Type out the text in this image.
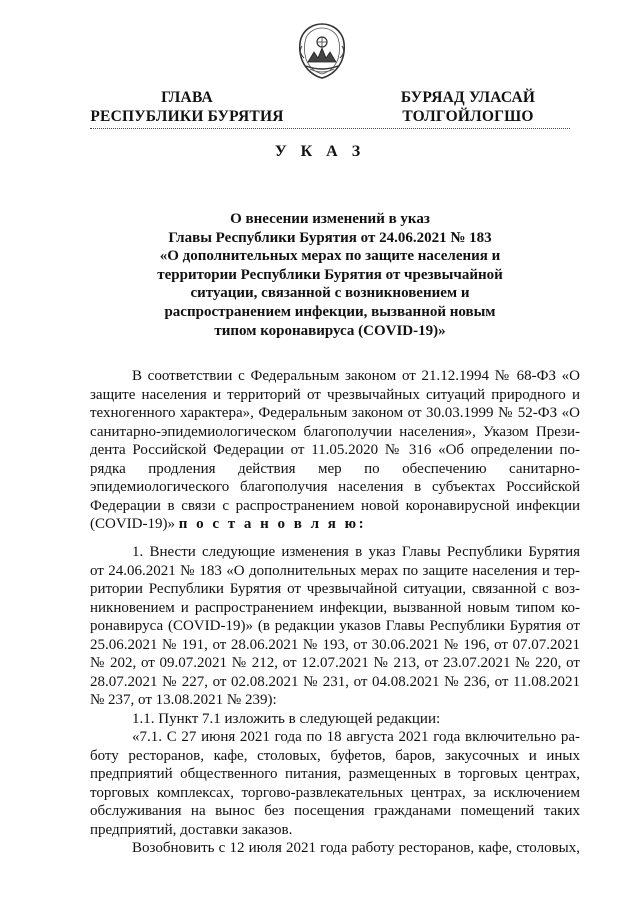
ГЛАВА
РЕСПУБЛИКИ БУРЯТИЯ
БУРЯАД УЛАСАЙ
ТОЛГОЙЛОГШО
У К А З
О внесении изменений в указ
Главы Республики Бурятия от 24.06.2021 № 183
«О дополнительных мерах по защите населения и
территории Республики Бурятия от чрезвычайной
ситуации, связанной с возникновением и
распространением инфекции, вызванной новым
типом коронавируса (COVID-19)»
В соответствии с Федеральным законом от 21.12.1994 № 68-ФЗ «О
защите населения и территорий от чрезвычайных ситуаций природного и
техногенного характера», Федеральным законом от 30.03.1999 № 52-ФЗ «О
санитарно-эпидемиологическом благополучии населения», Указом Прези-
дента Российской Федерации от 11.05.2020 № 316 «Об определении по-
рядка продления действия мер по обеспечению санитарно-
эпидемиологического благополучия населения в субъектах Российской
Федерации в связи с распространением новой коронавирусной инфекции
(COVID-19)» п о с т а н о в л я ю:
1. Внести следующие изменения в указ Главы Республики Бурятия
от 24.06.2021 № 183 «О дополнительных мерах по защите населения и тер-
ритории Республики Бурятия от чрезвычайной ситуации, связанной с воз-
никновением и распространением инфекции, вызванной новым типом ко-
ронавируса (COVID-19)» (в редакции указов Главы Республики Бурятия от
25.06.2021 № 191, от 28.06.2021 № 193, от 30.06.2021 № 196, от 07.07.2021
№ 202, от 09.07.2021 № 212, от 12.07.2021 № 213, от 23.07.2021 № 220, от
28.07.2021 № 227, от 02.08.2021 № 231, от 04.08.2021 № 236, от 11.08.2021
№ 237, от 13.08.2021 № 239):
1.1. Пункт 7.1 изложить в следующей редакции:
«7.1. С 27 июня 2021 года по 18 августа 2021 года включительно ра-
боту ресторанов, кафе, столовых, буфетов, баров, закусочных и иных
предприятий общественного питания, размещенных в торговых центрах,
торговых комплексах, торгово-развлекательных центрах, за исключением
обслуживания на вынос без посещения гражданами помещений таких
предприятий, доставки заказов.
Возобновить с 12 июля 2021 года работу ресторанов, кафе, столовых,
